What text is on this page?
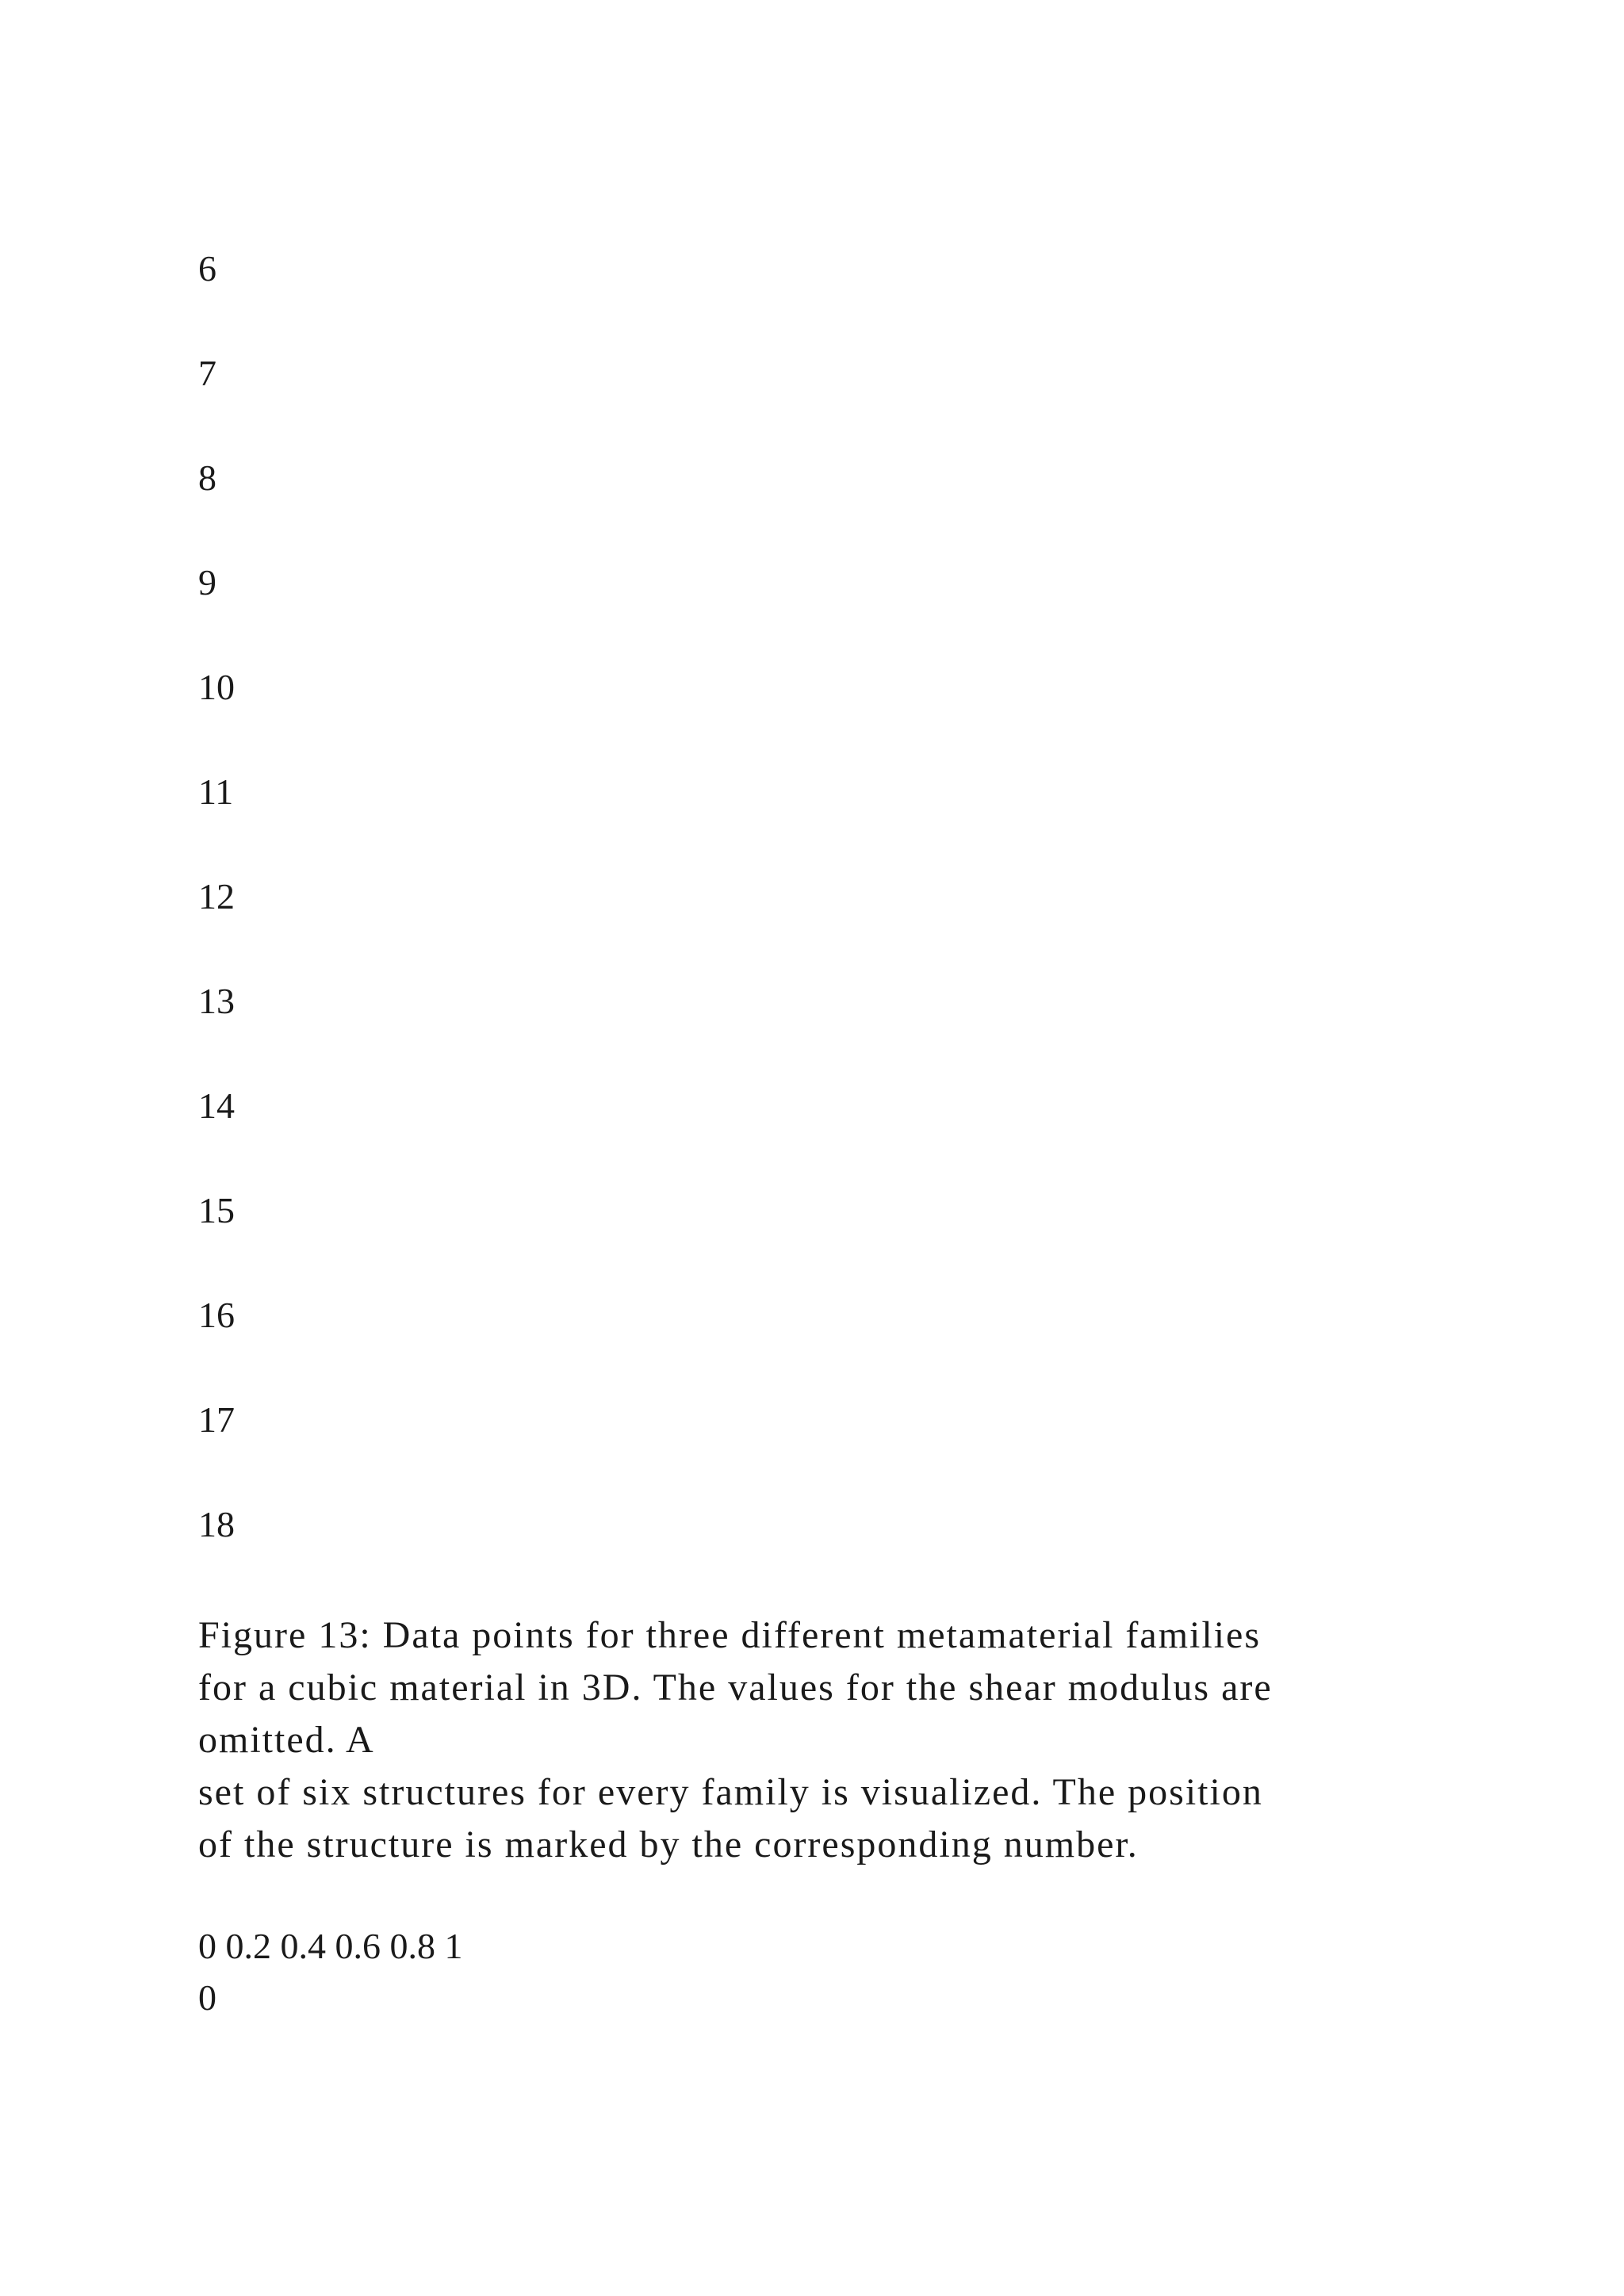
6
7
8
9
10
11
12
13
14
15
16
17
18
Figure 13: Data points for three different metamaterial families
for a cubic material in 3D. The values for the shear modulus are
omitted. A
set of six structures for every family is visualized. The position
of the structure is marked by the corresponding number.
0 0.2 0.4 0.6 0.8 1
0
